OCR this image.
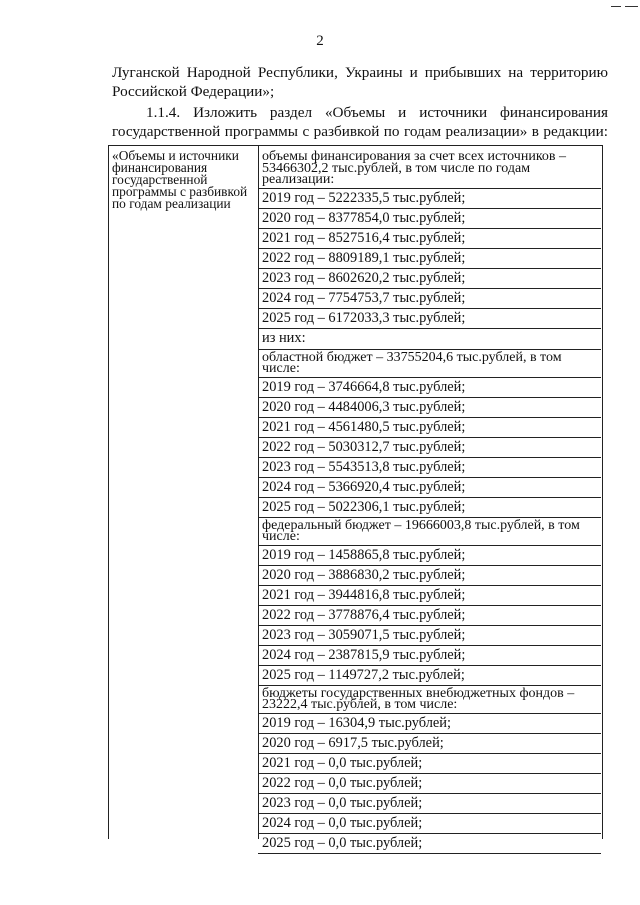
2
Луганской Народной Республики, Украины и прибывших на территорию
Российской Федерации»;
1.1.4. Изложить раздел «Объемы и источники финансирования
государственной программы с разбивкой по годам реализации» в редакции:
«Объемы и источники финансирования государственной программы с разбивкой по годам реализации
объемы финансирования за счет всех источников – 53466302,2 тыс.рублей, в том числе по годам реализации:
2019 год – 5222335,5 тыс.рублей;
2020 год – 8377854,0 тыс.рублей;
2021 год – 8527516,4 тыс.рублей;
2022 год – 8809189,1 тыс.рублей;
2023 год – 8602620,2 тыс.рублей;
2024 год – 7754753,7 тыс.рублей;
2025 год – 6172033,3 тыс.рублей;
из них:
областной бюджет – 33755204,6 тыс.рублей, в том числе:
2019 год – 3746664,8 тыс.рублей;
2020 год – 4484006,3 тыс.рублей;
2021 год – 4561480,5 тыс.рублей;
2022 год – 5030312,7 тыс.рублей;
2023 год – 5543513,8 тыс.рублей;
2024 год – 5366920,4 тыс.рублей;
2025 год – 5022306,1 тыс.рублей;
федеральный бюджет – 19666003,8 тыс.рублей, в том числе:
2019 год – 1458865,8 тыс.рублей;
2020 год – 3886830,2 тыс.рублей;
2021 год – 3944816,8 тыс.рублей;
2022 год – 3778876,4 тыс.рублей;
2023 год – 3059071,5 тыс.рублей;
2024 год – 2387815,9 тыс.рублей;
2025 год – 1149727,2 тыс.рублей;
бюджеты государственных внебюджетных фондов – 23222,4 тыс.рублей, в том числе:
2019 год – 16304,9 тыс.рублей;
2020 год – 6917,5 тыс.рублей;
2021 год – 0,0 тыс.рублей;
2022 год – 0,0 тыс.рублей;
2023 год – 0,0 тыс.рублей;
2024 год – 0,0 тыс.рублей;
2025 год – 0,0 тыс.рублей;
